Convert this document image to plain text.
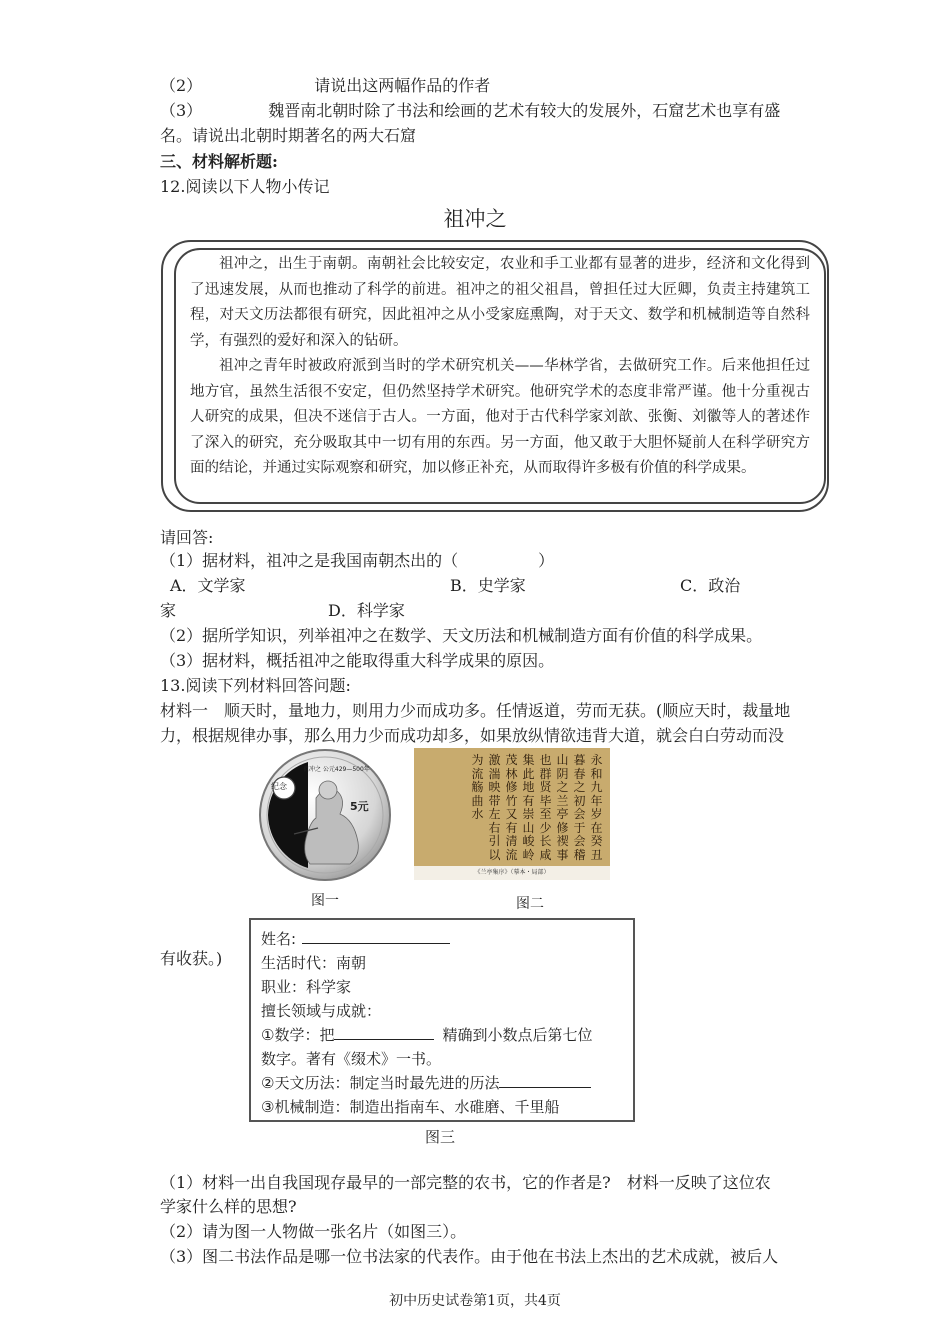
（2）	请说出这两幅作品的作者
（3）	魏晋南北朝时除了书法和绘画的艺术有较大的发展外，石窟艺术也享有盛
名。请说出北朝时期著名的两大石窟
三、材料解析题:
12.阅读以下人物小传记
祖冲之

祖冲之，出生于南朝。南朝社会比较安定，农业和手工业都有显著的进步，经济和文化得到了迅速发展，从而也推动了科学的前进。祖冲之的祖父祖昌，曾担任过大匠卿，负责主持建筑工程，对天文历法都很有研究，因此祖冲之从小受家庭熏陶，对于天文、数学和机械制造等自然科学，有强烈的爱好和深入的钻研。

祖冲之青年时被政府派到当时的学术研究机关——华林学省，去做研究工作。后来他担任过地方官，虽然生活很不安定，但仍然坚持学术研究。他研究学术的态度非常严谨。他十分重视古人研究的成果，但决不迷信于古人。一方面，他对于古代科学家刘歆、张衡、刘徽等人的著述作了深入的研究，充分吸取其中一切有用的东西。另一方面，他又敢于大胆怀疑前人在科学研究方面的结论，并通过实际观察和研究，加以修正补充，从而取得许多极有价值的科学成果。

请回答:
（1）据材料，祖冲之是我国南朝杰出的（　　　　　）
A．文学家	B．史学家	C．政治
家	D．科学家
（2）据所学知识，列举祖冲之在数学、天文历法和机械制造方面有价值的科学成果。
（3）据材料，概括祖冲之能取得重大科学成果的原因。
13.阅读下列材料回答问题:
材料一　顺天时，量地力，则用力少而成功多。任情返道，劳而无获。(顺应天时，裁量地
力，根据规律办事，那么用力少而成功却多，如果放纵情欲违背大道，就会白白劳动而没
纪念
祖冲之 公元429—500年
5元
图一
永
和
九
年
岁
在
癸
丑
暮
春
之
初
会
于
会
稽
山
阴
之
兰
亭
修
禊
事
也
群
贤
毕
至
少
长
咸
集
此
地
有
崇
山
峻
岭
茂
林
修
竹
又
有
清
流
激
湍
映
带
左
右
引
以
为
流
觞
曲
水
《兰亭集序》（摹本・局部）
图二
有收获。)
姓名:
生活时代：南朝
职业：科学家
擅长领域与成就：
①数学：把	精确到小数点后第七位
数字。著有《缀术》一书。
②天文历法：制定当时最先进的历法
③机械制造：制造出指南车、水碓磨、千里船
图三
（1）材料一出自我国现存最早的一部完整的农书，它的作者是?　材料一反映了这位农
学家什么样的思想?
（2）请为图一人物做一张名片（如图三）。
（3）图二书法作品是哪一位书法家的代表作。由于他在书法上杰出的艺术成就，被后人
初中历史试卷第1页，共4页
